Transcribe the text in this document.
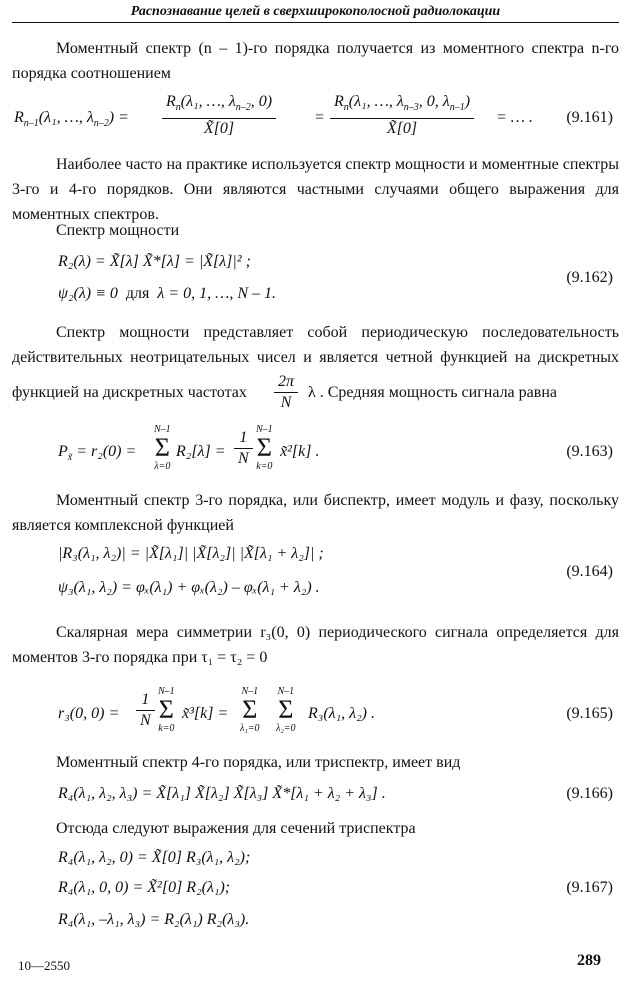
Распознавание целей в сверхширокополосной радиолокации
Моментный спектр (n – 1)-го порядка получается из моментного спектра n-го порядка соотношением
$R_{n-1}(\lambda_1$, …, $\lambda_{n-2}) = \frac{R_n(\lambda_1, \dots, \lambda_{n-2}, 0)}{X̃[0]} = \frac{R_n(\lambda_1, \dots, \lambda_{n-3}, 0, \lambda_{n-1})}{X̃[0]}$ = … . (9.161)
Наиболее часто на практике используется спектр мощности и моментные спектры 3-го и 4-го порядков. Они являются частными случаями общего выражения для моментных спектров.
Спектр мощности
R₂(λ) = X̃[λ] X̃*[λ] = |X̃[λ]|² ;
ψ₂(λ) ≡ 0 для λ = 0, 1, …, N – 1.
(9.162)
Спектр мощности представляет собой периодическую последовательность действительных неотрицательных чисел и является четной функцией на дискретных
функцией на дискретных частотах $\frac{2\pi}{N}$ λ . Средняя мощность сигнала равна
$P_{x̃} = r_2(0)$ =
N–1
Σ
λ=0
$R_2[\lambda] = \frac{1}{N} N-1$
Σ
k=0
x̃²[k] .	(9.163)
Моментный спектр 3-го порядка, или биспектр, имеет модуль и фазу, поскольку является комплексной функцией
|R₃(λ₁, λ₂)| = |X̃[λ₁]| |X̃[λ₂]| |X̃[λ₁ + λ₂]| ;
ψ₃(λ₁, λ₂) = φₓ(λ₁) + φₓ(λ₂) – φₓ(λ₁ + λ₂) .
(9.164)
Скалярная мера симметрии r₃(0, 0) периодического сигнала определяется для моментов 3-го порядка при τ₁ = τ₂ = 0
r₃(0, $0) = \frac{1}{N} N-1$
Σ
k=0
x̃³[k] =
N–1
Σ
λ₁=0
N–1
Σ
λ₂=0
R₃(λ₁, λ₂) .	(9.165)
Моментный спектр 4-го порядка, или триспектр, имеет вид
R₄(λ₁, λ₂, λ₃) = X̃[λ₁] X̃[λ₂] X̃[λ₃] X̃*[λ₁ + λ₂ + λ₃] .	(9.166)
Отсюда следуют выражения для сечений триспектра
R₄(λ₁, λ₂, 0) = X̃[0] R₃(λ₁, λ₂);
R₄(λ₁, 0, 0) = X̃²[0] R₂(λ₁);
R₄(λ₁, –λ₁, λ₃) = R₂(λ₁) R₂(λ₃).
(9.167)
10—2550	289
